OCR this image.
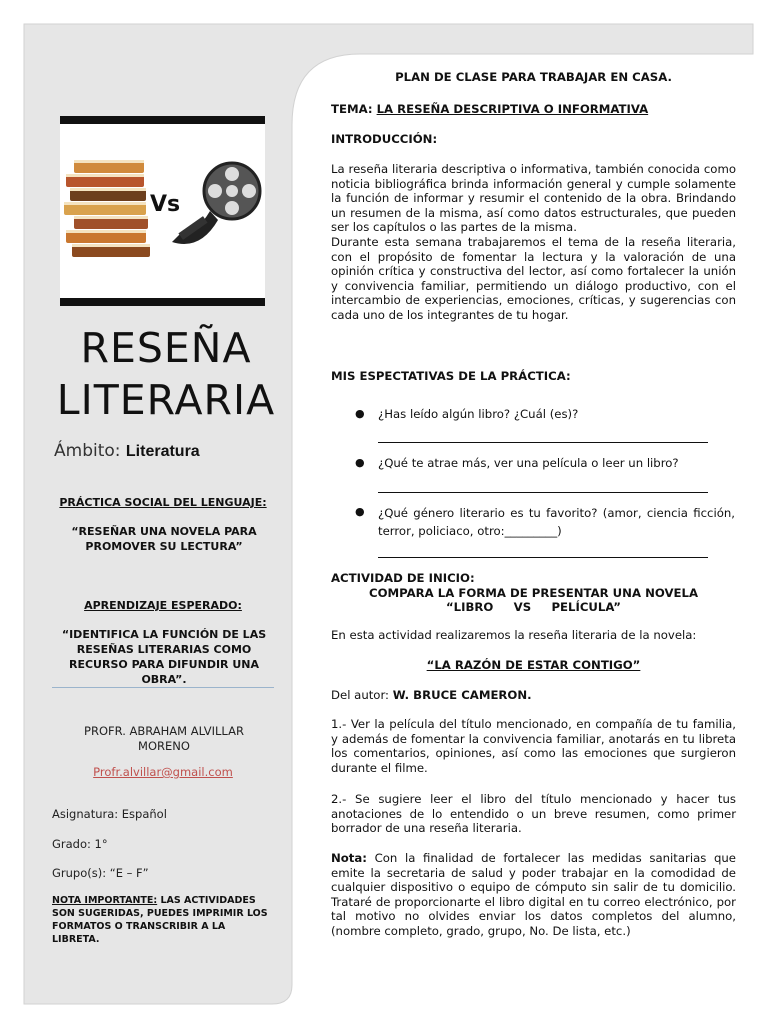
Vs
RESEÑA
LITERARIA
Ámbito: Literatura
PRÁCTICA SOCIAL DEL LENGUAJE:
“RESEÑAR UNA NOVELA PARA PROMOVER SU LECTURA”
APRENDIZAJE ESPERADO:
“IDENTIFICA LA FUNCIÓN DE LAS RESEÑAS LITERARIAS COMO RECURSO PARA DIFUNDIR UNA OBRA”.
PROFR. ABRAHAM ALVILLAR MORENO
Profr.alvillar@gmail.com
Asignatura: Español
Grado: 1°
Grupo(s): “E – F”
NOTA IMPORTANTE: LAS ACTIVIDADES SON SUGERIDAS, PUEDES IMPRIMIR LOS FORMATOS O TRANSCRIBIR A LA LIBRETA.

PLAN DE CLASE PARA TRABAJAR EN CASA.

TEMA: LA RESEÑA DESCRIPTIVA O INFORMATIVA

INTRODUCCIÓN:

La reseña literaria descriptiva o informativa, también conocida como noticia bibliográfica brinda información general y cumple solamente la función de informar y resumir el contenido de la obra. Brindando un resumen de la misma, así como datos estructurales, que pueden ser los capítulos o las partes de la misma.

Durante esta semana trabajaremos el tema de la reseña literaria, con el propósito de fomentar la lectura y la valoración de una opinión crítica y constructiva del lector, así como fortalecer la unión y convivencia familiar, permitiendo un diálogo productivo, con el intercambio de experiencias, emociones, críticas, y sugerencias con cada uno de los integrantes de tu hogar.

MIS ESPECTATIVAS DE LA PRÁCTICA:

● ¿Has leído algún libro? ¿Cuál (es)?
● ¿Qué te atrae más, ver una película o leer un libro?
● ¿Qué género literario es tu favorito? (amor, ciencia ficción, terror, policiaco, otro:_________)

ACTIVIDAD DE INICIO:

COMPARA LA FORMA DE PRESENTAR UNA NOVELA

“LIBRO     VS     PELÍCULA”

En esta actividad realizaremos la reseña literaria de la novela:

“LA RAZÓN DE ESTAR CONTIGO”

Del autor: W. BRUCE CAMERON.

1.- Ver la película del título mencionado, en compañía de tu familia, y además de fomentar la convivencia familiar, anotarás en tu libreta los comentarios, opiniones, así como las emociones que surgieron durante el filme.

2.- Se sugiere leer el libro del título mencionado y hacer tus anotaciones de lo entendido o un breve resumen, como primer borrador de una reseña literaria.

Nota: Con la finalidad de fortalecer las medidas sanitarias que emite la secretaria de salud y poder trabajar en la comodidad de cualquier dispositivo o equipo de cómputo sin salir de tu domicilio. Trataré de proporcionarte el libro digital en tu correo electrónico, por tal motivo no olvides enviar los datos completos del alumno, (nombre completo, grado, grupo, No. De lista, etc.)
